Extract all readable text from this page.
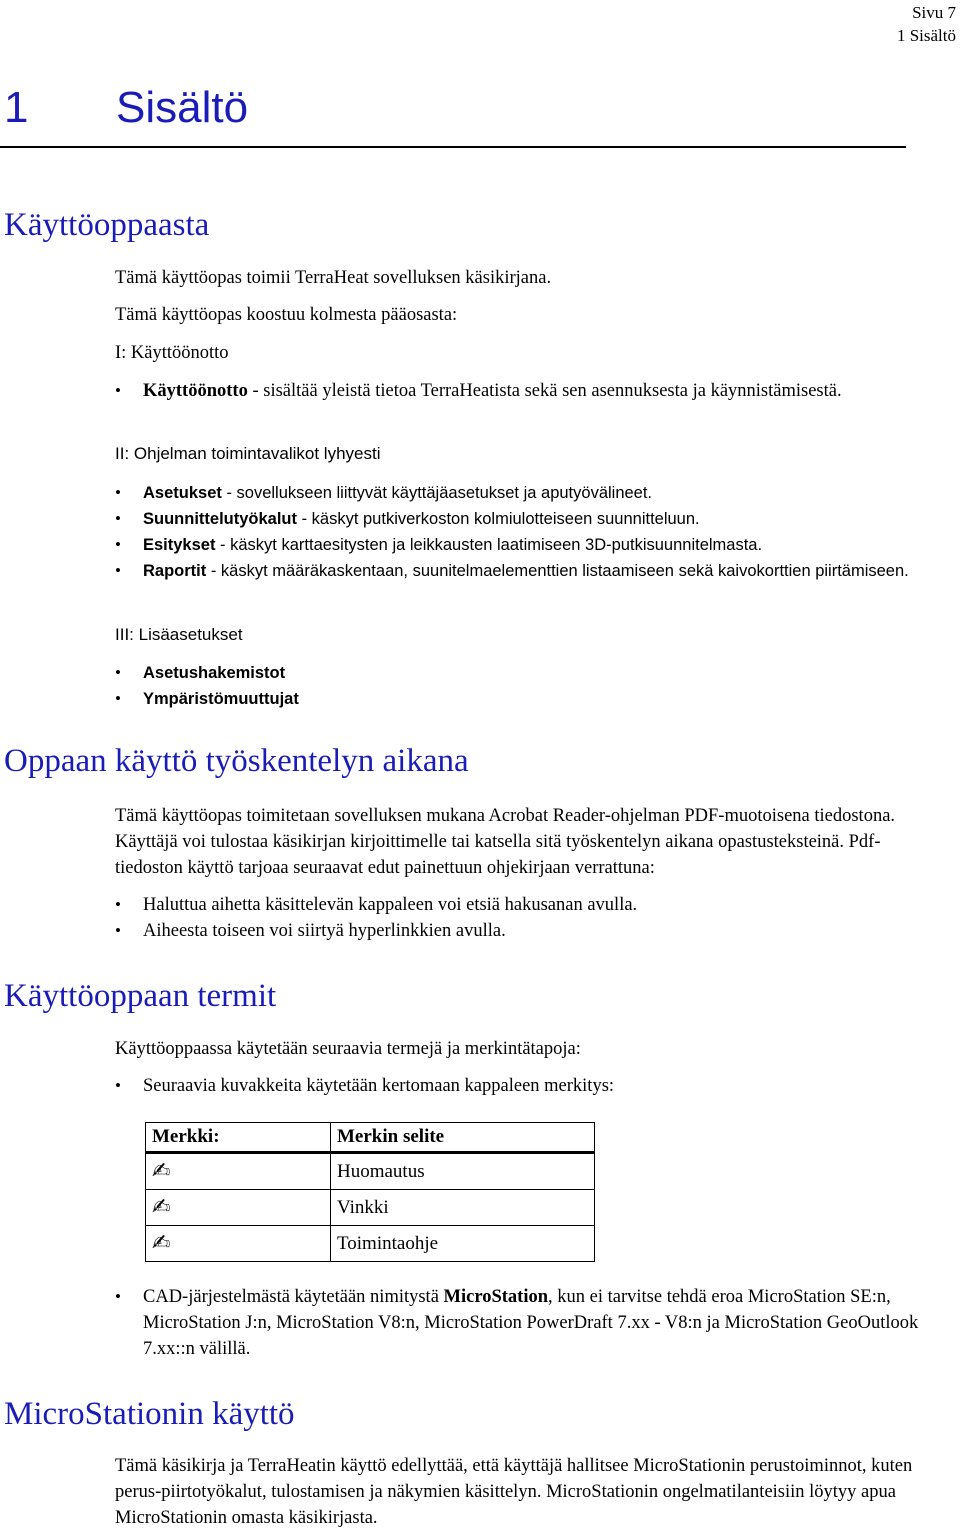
Sivu 7
1 Sisältö
1 Sisältö
Käyttöoppaasta
Tämä käyttöopas toimii TerraHeat sovelluksen käsikirjana.
Tämä käyttöopas koostuu kolmesta pääosasta:
I: Käyttöönotto
•	Käyttöönotto - sisältää yleistä tietoa TerraHeatista sekä sen asennuksesta ja käynnistämisestä.
II: Ohjelman toimintavalikot lyhyesti
•	Asetukset - sovellukseen liittyvät käyttäjäasetukset ja aputyövälineet.
•	Suunnittelutyökalut - käskyt putkiverkoston kolmiulotteiseen suunnitteluun.
•	Esitykset - käskyt karttaesitysten ja leikkausten laatimiseen 3D-putkisuunnitelmasta.
•	Raportit - käskyt määräkaskentaan, suunitelmaelementtien listaamiseen sekä kaivokorttien piirtämiseen.
III: Lisäasetukset
•	Asetushakemistot
•	Ympäristömuuttujat
Oppaan käyttö työskentelyn aikana
Tämä käyttöopas toimitetaan sovelluksen mukana Acrobat Reader-ohjelman PDF-muotoisena tiedostona. Käyttäjä voi tulostaa käsikirjan kirjoittimelle tai katsella sitä työskentelyn aikana opastusteksteinä. Pdf-tiedoston käyttö tarjoaa seuraavat edut painettuun ohjekirjaan verrattuna:
•	Haluttua aihetta käsittelevän kappaleen voi etsiä hakusanan avulla.
•	Aiheesta toiseen voi siirtyä hyperlinkkien avulla.
Käyttöoppaan termit
Käyttöoppaassa käytetään seuraavia termejä ja merkintätapoja:
•	Seuraavia kuvakkeita käytetään kertomaan kappaleen merkitys:
Merkki:	Merkin selite
✍	Huomautus
✍	Vinkki
✍	Toimintaohje
•	CAD-järjestelmästä käytetään nimitystä MicroStation, kun ei tarvitse tehdä eroa MicroStation SE:n, MicroStation J:n, MicroStation V8:n, MicroStation PowerDraft 7.xx - V8:n ja MicroStation GeoOutlook 7.xx::n välillä.
MicroStationin käyttö
Tämä käsikirja ja TerraHeatin käyttö edellyttää, että käyttäjä hallitsee MicroStationin perustoiminnot, kuten perus-piirtotyökalut, tulostamisen ja näkymien käsittelyn. MicroStationin ongelmatilanteisiin löytyy apua MicroStationin omasta käsikirjasta.
